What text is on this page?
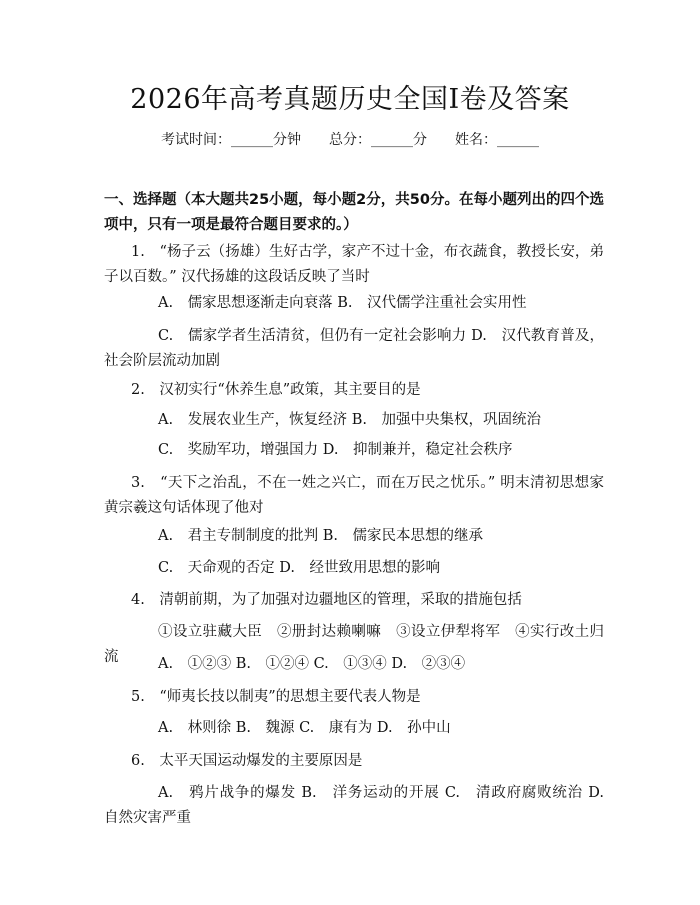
2026年高考真题历史全国I卷及答案
考试时间：______分钟 总分：______分 姓名：______
一、选择题（本大题共25小题，每小题2分，共50分。在每小题列出的四个选项中，只有一项是最符合题目要求的。）
1.　“杨子云（扬雄）生好古学，家产不过十金，布衣蔬食，教授长安，弟子以百数。” 汉代扬雄的这段话反映了当时
A.　儒家思想逐渐走向衰落 B.　汉代儒学注重社会实用性
C.　儒家学者生活清贫，但仍有一定社会影响力 D.　汉代教育普及，社会阶层流动加剧
2.　汉初实行“休养生息”政策，其主要目的是
A.　发展农业生产，恢复经济 B.　加强中央集权，巩固统治
C.　奖励军功，增强国力 D.　抑制兼并，稳定社会秩序
3.　“天下之治乱，不在一姓之兴亡，而在万民之忧乐。” 明末清初思想家黄宗羲这句话体现了他对
A.　君主专制制度的批判 B.　儒家民本思想的继承
C.　天命观的否定 D.　经世致用思想的影响
4.　清朝前期，为了加强对边疆地区的管理，采取的措施包括
①设立驻藏大臣　②册封达赖喇嘛　③设立伊犁将军　④实行改土归流	A.　①②③ B.　①②④ C.　①③④ D.　②③④
5.　“师夷长技以制夷”的思想主要代表人物是
A.　林则徐 B.　魏源 C.　康有为 D.　孙中山
6.　太平天国运动爆发的主要原因是
A.　鸦片战争的爆发 B.　洋务运动的开展 C.　清政府腐败统治 D.　自然灾害严重
